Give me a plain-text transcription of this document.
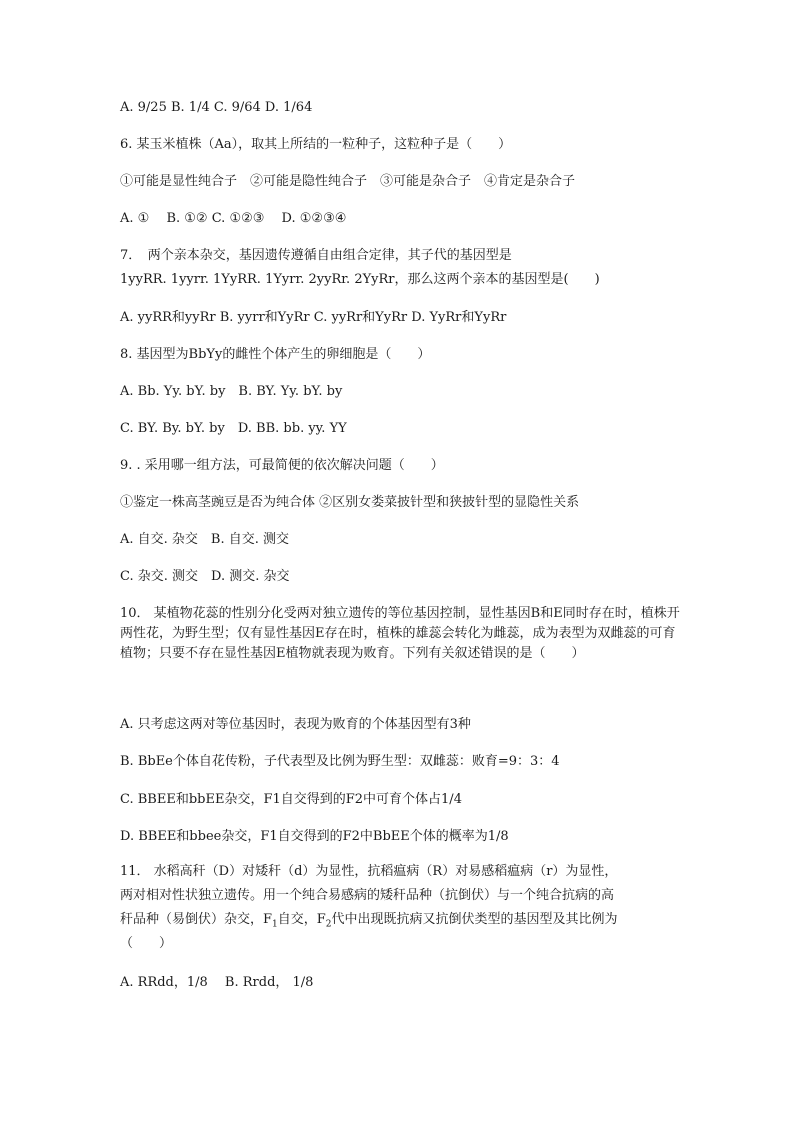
A. 9/25 B. 1/4 C. 9/64 D. 1/64
6. 某玉米植株（Aa），取其上所结的一粒种子，这粒种子是（　　）
①可能是显性纯合子　②可能是隐性纯合子　③可能是杂合子　④肯定是杂合子
A. ①　 B. ①② C. ①②③　 D. ①②③④
7．　两个亲本杂交，基因遗传遵循自由组合定律，其子代的基因型是
1yyRR. 1yyrr. 1YyRR. 1Yyrr. 2yyRr. 2YyRr，那么这两个亲本的基因型是(　　)
A. yyRR和yyRr B. yyrr和YyRr C. yyRr和YyRr D. YyRr和YyRr
8. 基因型为BbYy的雌性个体产生的卵细胞是（　　）
A. Bb. Yy. bY. by　B. BY. Yy. bY. by
C. BY. By. bY. by　D. BB. bb. yy. YY
9. . 采用哪一组方法，可最简便的依次解决问题（　　）
①鉴定一株高茎豌豆是否为纯合体 ②区别女娄菜披针型和狭披针型的显隐性关系
A. 自交. 杂交　B. 自交. 测交
C. 杂交. 测交　D. 测交. 杂交
10． 某植物花蕊的性别分化受两对独立遗传的等位基因控制，显性基因B和E同时存在时，植株开两性花，为野生型；仅有显性基因E存在时，植株的雄蕊会转化为雌蕊，成为表型为双雌蕊的可育植物；只要不存在显性基因E植物就表现为败育。下列有关叙述错误的是（　　）
A. 只考虑这两对等位基因时，表现为败育的个体基因型有3种
B. BbEe个体自花传粉，子代表型及比例为野生型：双雌蕊：败育=9：3：4
C. BBEE和bbEE杂交，F1自交得到的F2中可育个体占1/4
D. BBEE和bbee杂交，F1自交得到的F2中BbEE个体的概率为1/8
11． 水稻高秆（D）对矮秆（d）为显性，抗稻瘟病（R）对易感稻瘟病（r）为显性，
两对相对性状独立遗传。用一个纯合易感病的矮秆品种（抗倒伏）与一个纯合抗病的高
秆品种（易倒伏）杂交，$F_1$自交，$F_2$代中出现既抗病又抗倒伏类型的基因型及其比例为
（　　）
A. RRdd，1/8　 B. Rrdd， 1/8
